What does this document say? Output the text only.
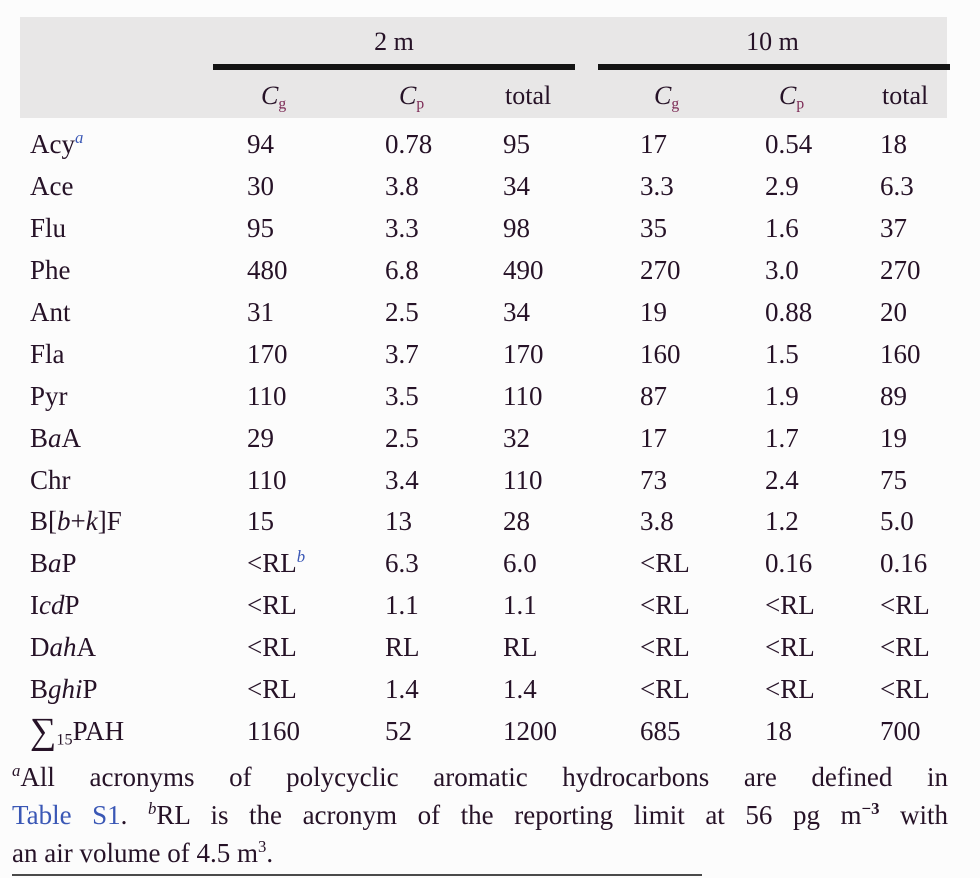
2 m	10 m
$C_g$	$C_p$	total	$C_g$	$C_p$	total
Acy$^a$	94	0.78	95	17	0.54	18
Ace	30	3.8	34	3.3	2.9	6.3
Flu	95	3.3	98	35	1.6	37
Phe	480	6.8	490	270	3.0	270
Ant	31	2.5	34	19	0.88	20
Fla	170	3.7	170	160	1.5	160
Pyr	110	3.5	110	87	1.9	89
BaA	29	2.5	32	17	1.7	19
Chr	110	3.4	110	73	2.4	75
B[b+k]F	15	13	28	3.8	1.2	5.0
BaP	$<RL^b$	6.3	6.0	<RL	0.16	0.16
IcdP	<RL	1.1	1.1	<RL	<RL	<RL
DahA	<RL	RL	RL	<RL	<RL	<RL
BghiP	<RL	1.4	1.4	<RL	<RL	<RL
$\sum_{15}PAH$	1160	52	1200	685	18	700
$^a$All acronyms of polycyclic aromatic hydrocarbons are defined in
Table S1. $^b$RL is the acronym of the reporting limit at 56 pg $m^{-3}$ with
an air volume of 4.5 $m^3$.
